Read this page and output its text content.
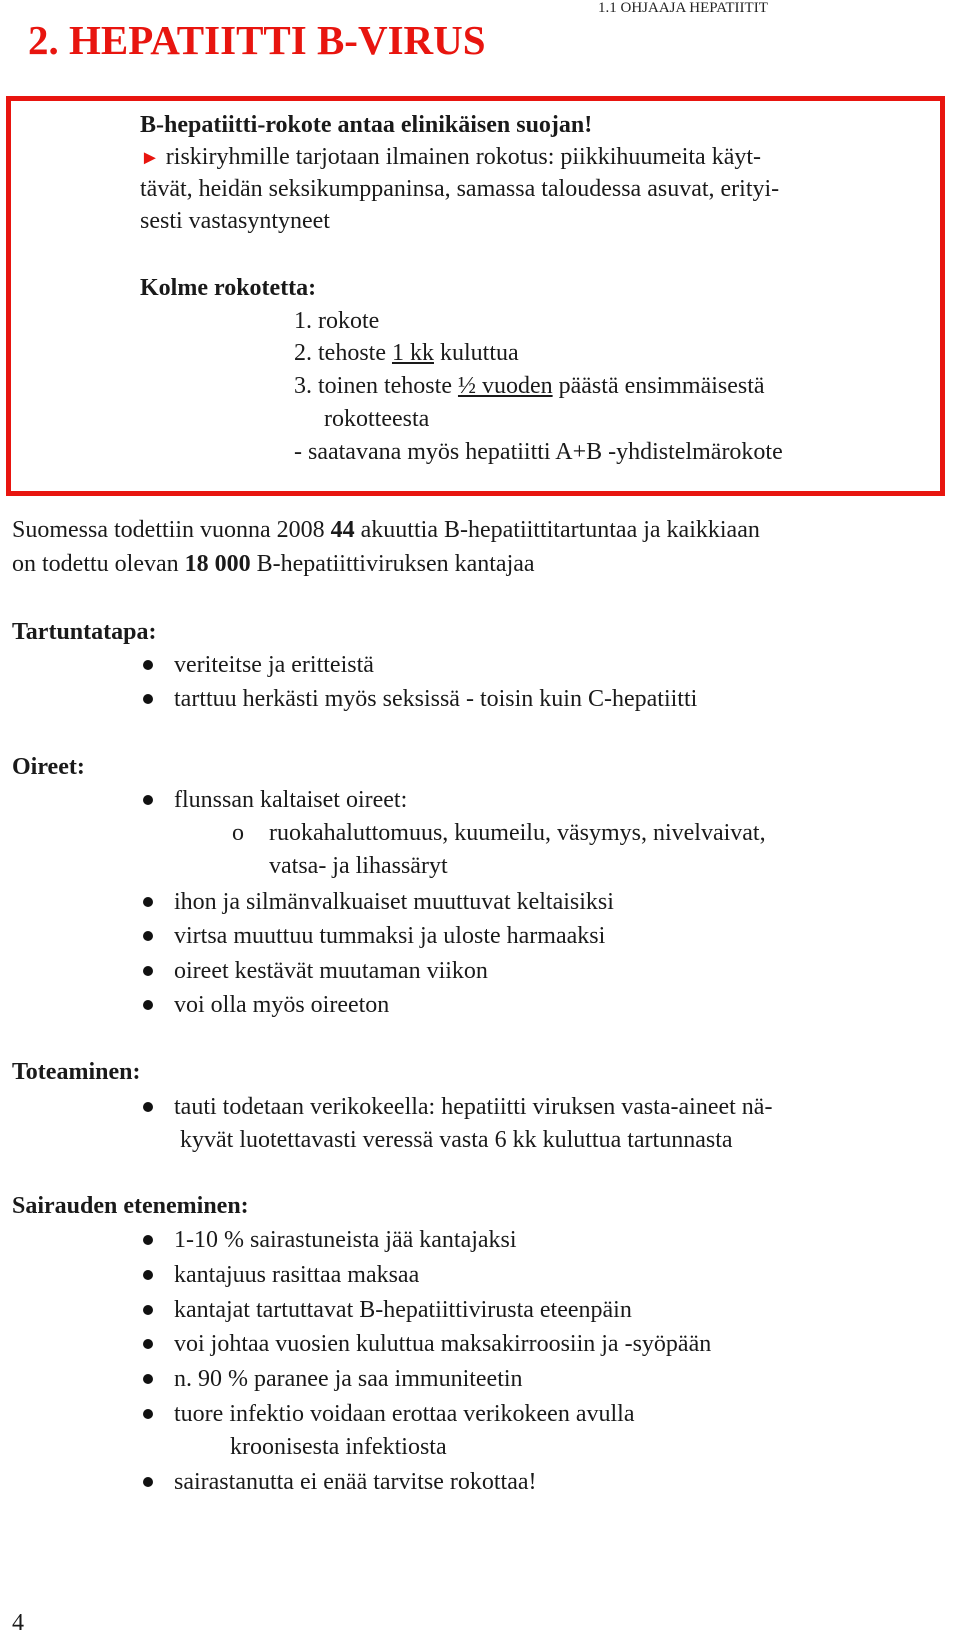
2. HEPATIITTI B-VIRUS
1.1 OHJAAJA HEPATIITIT
B-hepatiitti-rokote antaa elinikäisen suojan!
► riskiryhmille tarjotaan ilmainen rokotus: piikkihuumeita käyt-
tävät, heidän seksikumppaninsa, samassa taloudessa asuvat, erityi-
sesti vastasyntyneet
Kolme rokotetta:
1. rokote
2. tehoste 1 kk kuluttua
3. toinen tehoste ½ vuoden päästä ensimmäisestä
rokotteesta
- saatavana myös hepatiitti A+B -yhdistelmärokote
Suomessa todettiin vuonna 2008 44 akuuttia B-hepatiittitartuntaa ja kaikkiaan
on todettu olevan 18 000 B-hepatiittiviruksen kantajaa
Tartuntatapa:
veriteitse ja eritteistä
tarttuu herkästi myös seksissä - toisin kuin C-hepatiitti
Oireet:
flunssan kaltaiset oireet:
o ruokahaluttomuus, kuumeilu, väsymys, nivelvaivat,
vatsa- ja lihassäryt
ihon ja silmänvalkuaiset muuttuvat keltaisiksi
virtsa muuttuu tummaksi ja uloste harmaaksi
oireet kestävät muutaman viikon
voi olla myös oireeton
Toteaminen:
tauti todetaan verikokeella: hepatiitti viruksen vasta-aineet nä-
kyvät luotettavasti veressä vasta 6 kk kuluttua tartunnasta
Sairauden eteneminen:
1-10 % sairastuneista jää kantajaksi
kantajuus rasittaa maksaa
kantajat tartuttavat B-hepatiittivirusta eteenpäin
voi johtaa vuosien kuluttua maksakirroosiin ja -syöpään
n. 90 % paranee ja saa immuniteetin
tuore infektio voidaan erottaa verikokeen avulla
kroonisesta infektiosta
sairastanutta ei enää tarvitse rokottaa!
4
